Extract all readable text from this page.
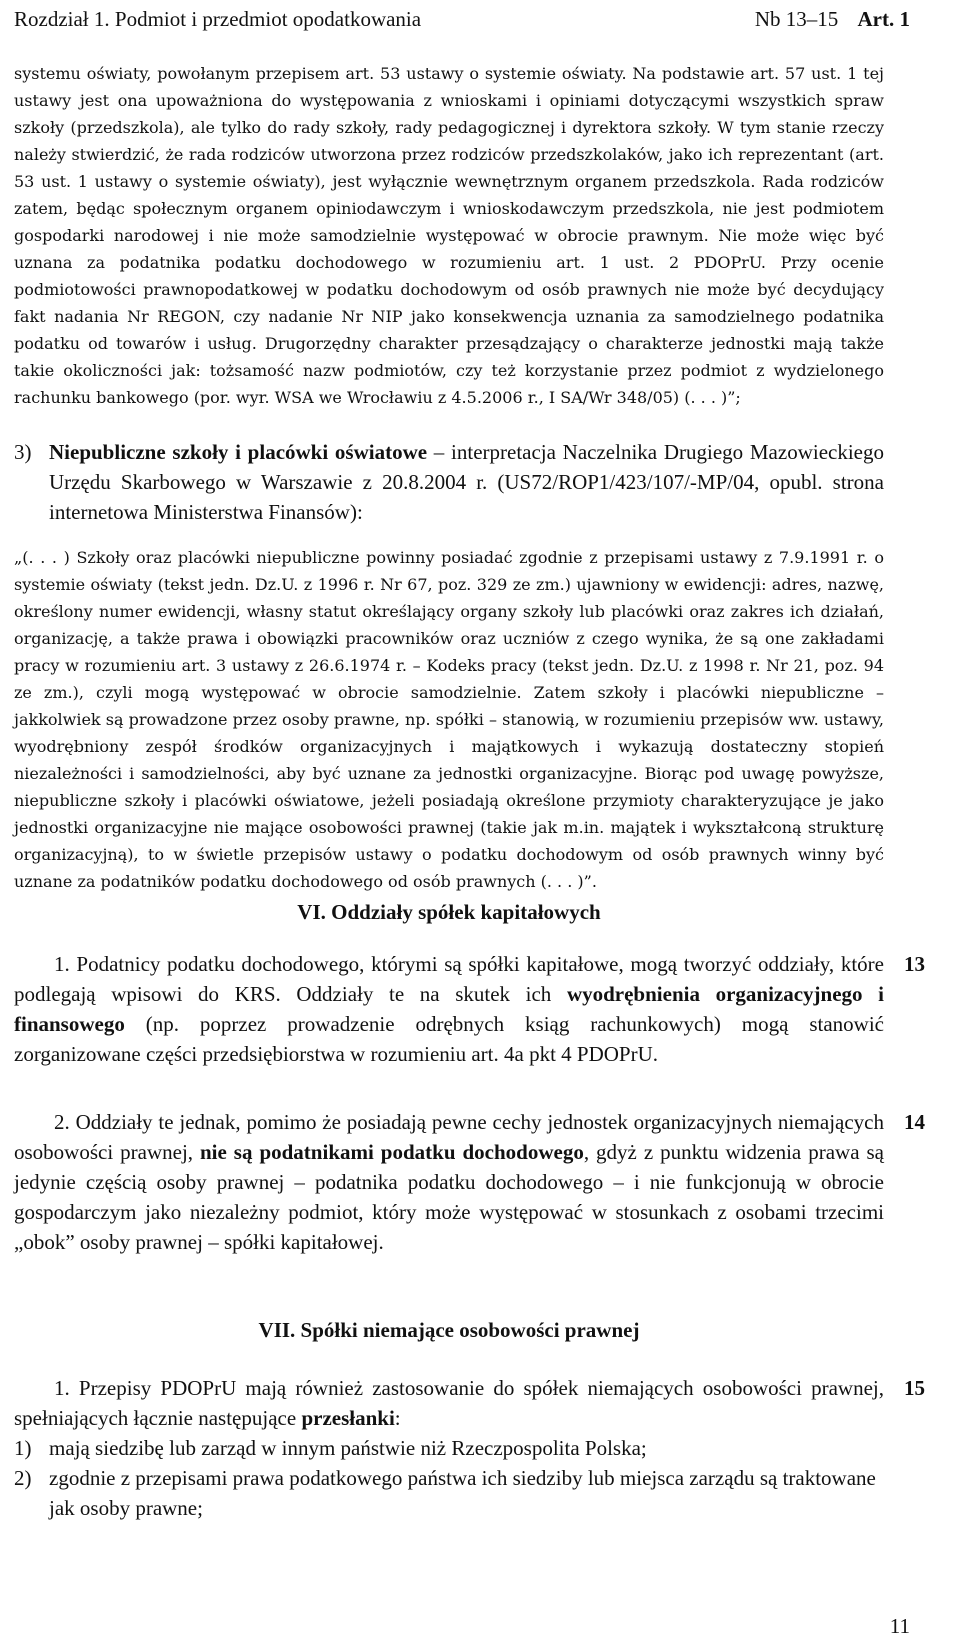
Rozdział 1. Podmiot i przedmiot opodatkowania	Nb 13–15 Art. 1

systemu oświaty, powołanym przepisem art. 53 ustawy o systemie oświaty. Na podstawie art. 57 ust. 1 tej ustawy jest ona upoważniona do występowania z wnioskami i opiniami dotyczącymi wszystkich spraw szkoły (przedszkola), ale tylko do rady szkoły, rady pedagogicznej i dyrektora szkoły. W tym stanie rzeczy należy stwierdzić, że rada rodziców utworzona przez rodziców przedszkolaków, jako ich reprezentant (art. 53 ust. 1 ustawy o systemie oświaty), jest wyłącznie wewnętrznym organem przedszkola. Rada rodziców zatem, będąc społecznym organem opiniodawczym i wnioskodawczym przedszkola, nie jest podmiotem gospodarki narodowej i nie może samodzielnie występować w obrocie prawnym. Nie może więc być uznana za podatnika podatku dochodowego w rozumieniu art. 1 ust. 2 PDOPrU. Przy ocenie podmiotowości prawnopodatkowej w podatku dochodowym od osób prawnych nie może być decydujący fakt nadania Nr REGON, czy nadanie Nr NIP jako konsekwencja uznania za samodzielnego podatnika podatku od towarów i usług. Drugorzędny charakter przesądzający o charakterze jednostki mają także takie okoliczności jak: tożsamość nazw podmiotów, czy też korzystanie przez podmiot z wydzielonego rachunku bankowego (por. wyr. WSA we Wrocławiu z 4.5.2006 r., I SA/Wr 348/05) (. . . )”;

3) Niepubliczne szkoły i placówki oświatowe – interpretacja Naczelnika Drugiego Mazowieckiego Urzędu Skarbowego w Warszawie z 20.8.2004 r. (US72/ROP1/423/107/-MP/04, opubl. strona internetowa Ministerstwa Finansów):

„(. . . ) Szkoły oraz placówki niepubliczne powinny posiadać zgodnie z przepisami ustawy z 7.9.1991 r. o systemie oświaty (tekst jedn. Dz.U. z 1996 r. Nr 67, poz. 329 ze zm.) ujawniony w ewidencji: adres, nazwę, określony numer ewidencji, własny statut określający organy szkoły lub placówki oraz zakres ich działań, organizację, a także prawa i obowiązki pracowników oraz uczniów z czego wynika, że są one zakładami pracy w rozumieniu art. 3 ustawy z 26.6.1974 r. – Kodeks pracy (tekst jedn. Dz.U. z 1998 r. Nr 21, poz. 94 ze zm.), czyli mogą występować w obrocie samodzielnie. Zatem szkoły i placówki niepubliczne – jakkolwiek są prowadzone przez osoby prawne, np. spółki – stanowią, w rozumieniu przepisów ww. ustawy, wyodrębniony zespół środków organizacyjnych i majątkowych i wykazują dostateczny stopień niezależności i samodzielności, aby być uznane za jednostki organizacyjne. Biorąc pod uwagę powyższe, niepubliczne szkoły i placówki oświatowe, jeżeli posiadają określone przymioty charakteryzujące je jako jednostki organizacyjne nie mające osobowości prawnej (takie jak m.in. majątek i wykształconą strukturę organizacyjną), to w świetle przepisów ustawy o podatku dochodowym od osób prawnych winny być uznane za podatników podatku dochodowego od osób prawnych (. . . )”.

VI. Oddziały spółek kapitałowych
13
1. Podatnicy podatku dochodowego, którymi są spółki kapitałowe, mogą tworzyć oddziały, które podlegają wpisowi do KRS. Oddziały te na skutek ich wyodrębnienia organizacyjnego i finansowego (np. poprzez prowadzenie odrębnych ksiąg rachunkowych) mogą stanowić zorganizowane części przedsiębiorstwa w rozumieniu art. 4a pkt 4 PDOPrU.
14
2. Oddziały te jednak, pomimo że posiadają pewne cechy jednostek organizacyjnych niemających osobowości prawnej, nie są podatnikami podatku dochodowego, gdyż z punktu widzenia prawa są jedynie częścią osoby prawnej – podatnika podatku dochodowego – i nie funkcjonują w obrocie gospodarczym jako niezależny podmiot, który może występować w stosunkach z osobami trzecimi „obok” osoby prawnej – spółki kapitałowej.
VII. Spółki niemające osobowości prawnej
15
1. Przepisy PDOPrU mają również zastosowanie do spółek niemających osobowości prawnej, spełniających łącznie następujące przesłanki:
1) mają siedzibę lub zarząd w innym państwie niż Rzeczpospolita Polska;
2) zgodnie z przepisami prawa podatkowego państwa ich siedziby lub miejsca zarządu są traktowane jak osoby prawne;
11
